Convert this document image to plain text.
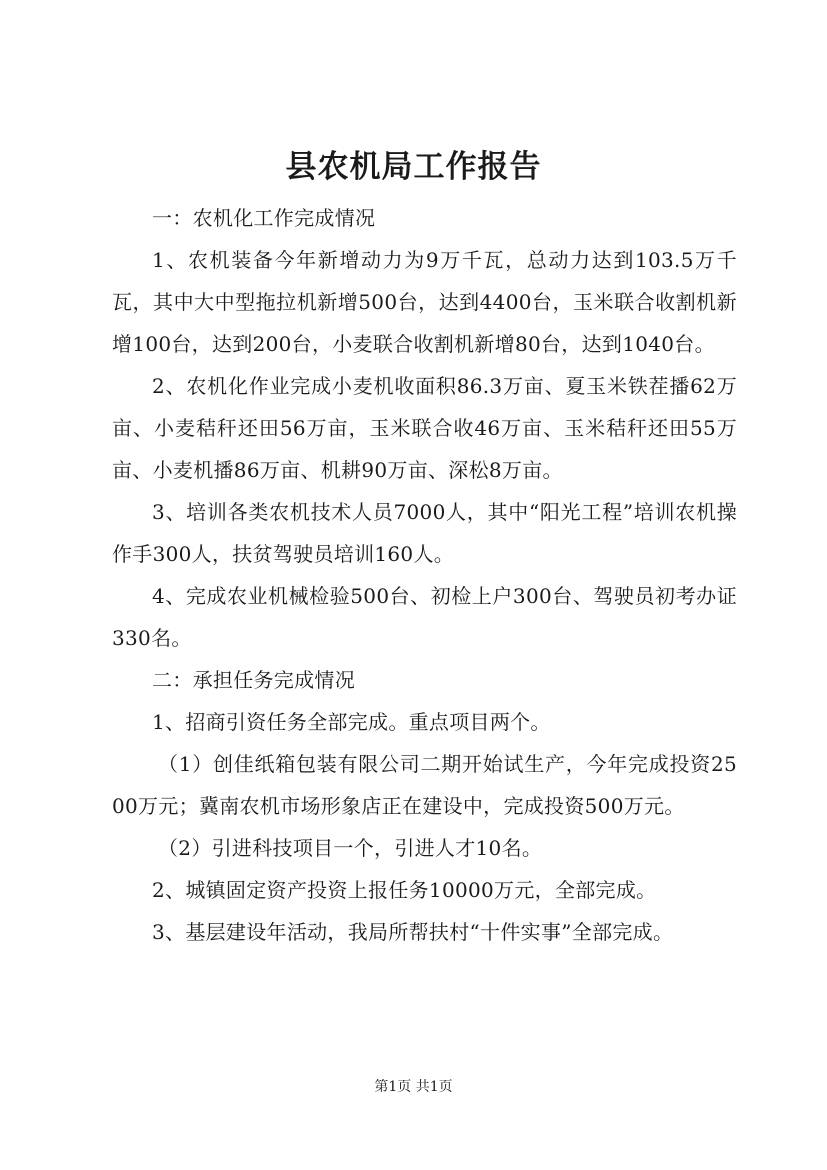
县农机局工作报告

一：农机化工作完成情况

1、农机装备今年新增动力为9万千瓦，总动力达到103.5万千瓦，其中大中型拖拉机新增500台，达到4400台，玉米联合收割机新增100台，达到200台，小麦联合收割机新增80台，达到1040台。

2、农机化作业完成小麦机收面积86.3万亩、夏玉米铁茬播62万亩、小麦秸秆还田56万亩，玉米联合收46万亩、玉米秸秆还田55万亩、小麦机播86万亩、机耕90万亩、深松8万亩。

3、培训各类农机技术人员7000人，其中“阳光工程”培训农机操作手300人，扶贫驾驶员培训160人。

4、完成农业机械检验500台、初检上户300台、驾驶员初考办证330名。

二：承担任务完成情况

1、招商引资任务全部完成。重点项目两个。

（1）创佳纸箱包装有限公司二期开始试生产，今年完成投资2500万元；冀南农机市场形象店正在建设中，完成投资500万元。

（2）引进科技项目一个，引进人才10名。

2、城镇固定资产投资上报任务10000万元，全部完成。

3、基层建设年活动，我局所帮扶村“十件实事”全部完成。

第1页 共1页
